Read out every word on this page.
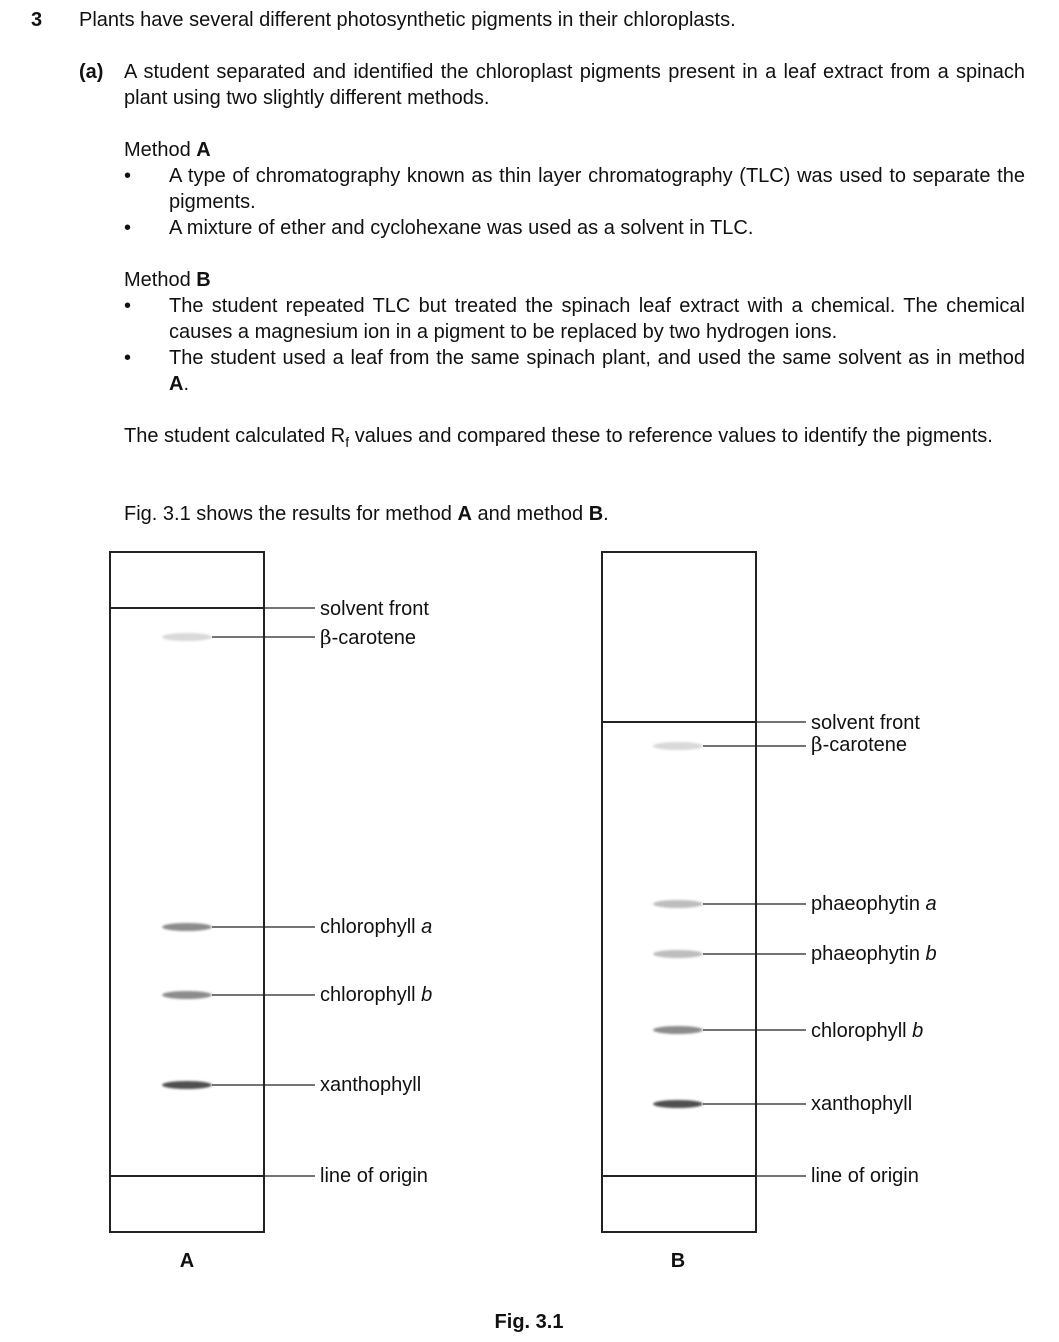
3 Plants have several different photosynthetic pigments in their chloroplasts.
(a) A student separated and identified the chloroplast pigments present in a leaf extract from a spinach plant using two slightly different methods.
Method A
• A type of chromatography known as thin layer chromatography (TLC) was used to separate the pigments.
• A mixture of ether and cyclohexane was used as a solvent in TLC.
Method B
• The student repeated TLC but treated the spinach leaf extract with a chemical. The chemical causes a magnesium ion in a pigment to be replaced by two hydrogen ions.
• The student used a leaf from the same spinach plant, and used the same solvent as in method A.
The student calculated $R_f$ values and compared these to reference values to identify the pigments.
Fig. 3.1 shows the results for method A and method B.
solvent front
β-carotene
chlorophyll a
chlorophyll b
xanthophyll
line of origin
A
solvent front
β-carotene
phaeophytin a
phaeophytin b
chlorophyll b
xanthophyll
line of origin
B
Fig. 3.1
